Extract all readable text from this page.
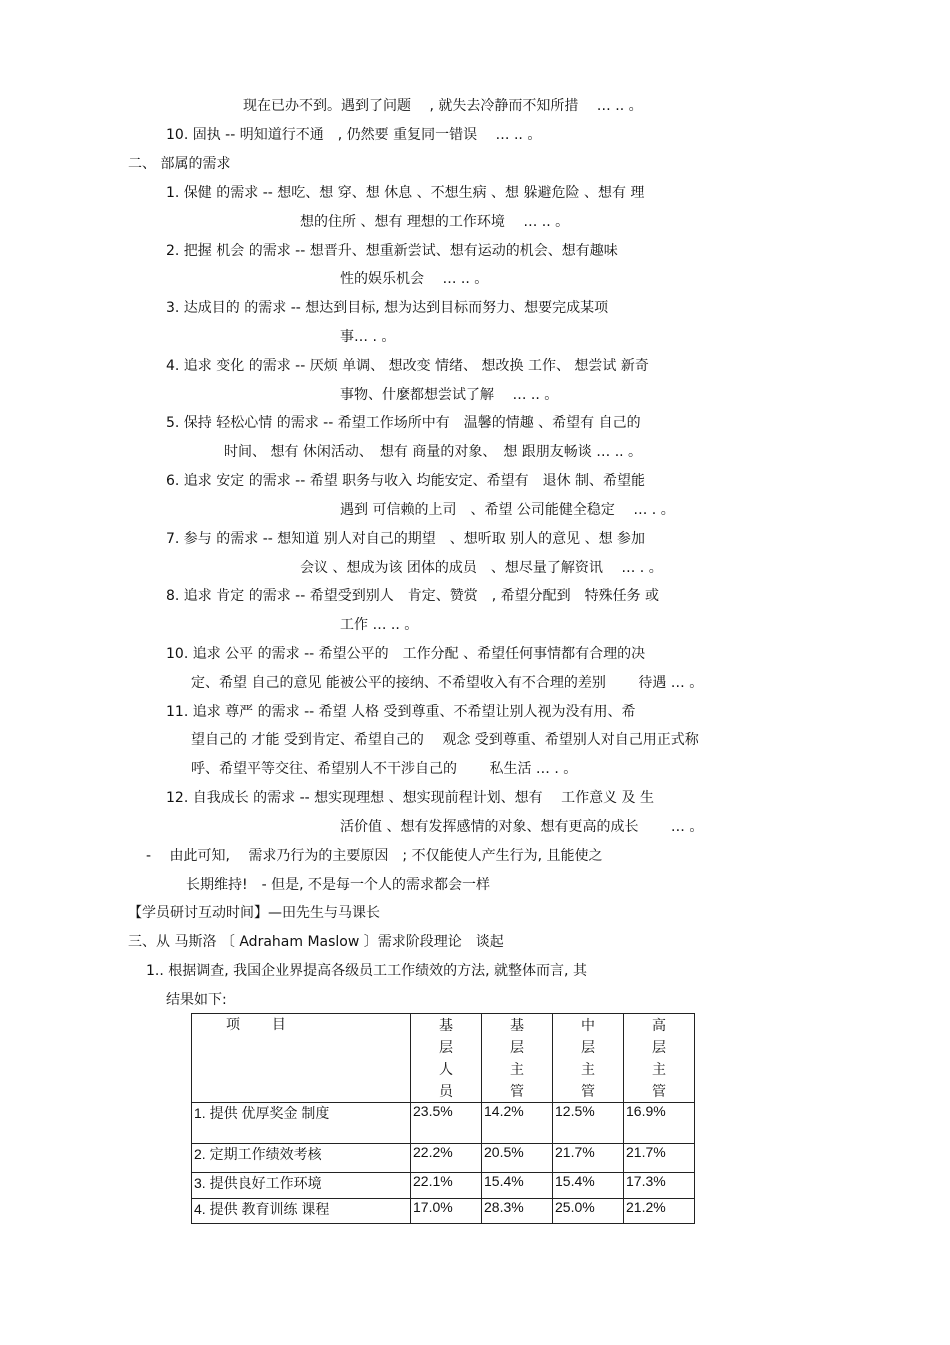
现在已办不到。遇到了问题　 , 就失去冷静而不知所措　 … .. 。
10. 固执 -- 明知道行不通　, 仍然要 重复同一错误　 … .. 。
二、 部属的需求
1. 保健 的需求 -- 想吃、想 穿、想 休息 、不想生病 、想 躲避危险 、想有 理
想的住所 、想有 理想的工作环境　 … .. 。
2. 把握 机会 的需求 -- 想晋升、想重新尝试、想有运动的机会、想有趣味
性的娱乐机会　 … .. 。
3. 达成目的 的需求 -- 想达到目标, 想为达到目标而努力、想要完成某项
事… . 。
4. 追求 变化 的需求 -- 厌烦 单调、 想改变 情绪、 想改换 工作、 想尝试 新奇
事物、什麼都想尝试了解　 … .. 。
5. 保持 轻松心情 的需求 -- 希望工作场所中有　温馨的情趣 、希望有 自己的
时间、 想有 休闲活动、　想有 商量的对象、　想 跟朋友畅谈 … .. 。
6. 追求 安定 的需求 -- 希望 职务与收入 均能安定、希望有　退休 制、希望能
遇到 可信赖的上司　、希望 公司能健全稳定　 … . 。
7. 参与 的需求 -- 想知道 别人对自己的期望　、想听取 别人的意见 、想 参加
会议 、想成为该 团体的成员　、想尽量了解资讯　 … . 。
8. 追求 肯定 的需求 -- 希望受到别人　肯定、赞赏　, 希望分配到　特殊任务 或
工作 … .. 。
10. 追求 公平 的需求 -- 希望公平的　工作分配 、希望任何事情都有合理的决
定、希望 自己的意见 能被公平的接纳、不希望收入有不合理的差别　　 待遇 … 。
11. 追求 尊严 的需求 -- 希望 人格 受到尊重、不希望让别人视为没有用、希
望自己的 才能 受到肯定、希望自己的　 观念 受到尊重、希望别人对自己用正式称
呼、希望平等交往、希望别人不干涉自己的　　 私生活 … . 。
12. 自我成长 的需求 -- 想实现理想 、想实现前程计划、想有　 工作意义 及 生
活价值 、想有发挥感情的对象、想有更高的成长　　 … 。
-　 由此可知,　 需求乃行为的主要原因　; 不仅能使人产生行为, 且能使之
长期维持!　- 但是, 不是每一个人的需求都会一样
【学员研讨互动时间】—田先生与马课长
三、从 马斯洛 〔 Adraham Maslow 〕需求阶段理论　谈起
1.. 根据调查, 我国企业界提高各级员工工作绩效的方法, 就整体而言, 其
结果如下:
项　　 目	基
层
人
员	基
层
主
管	中
层
主
管	高
层
主
管

1. 提供 优厚奖金 制度	23.5%	14.2%	12.5%	16.9%
2. 定期工作绩效考核	22.2%	20.5%	21.7%	21.7%
3. 提供良好工作环境	22.1%	15.4%	15.4%	17.3%
4. 提供 教育训练 课程	17.0%	28.3%	25.0%	21.2%
